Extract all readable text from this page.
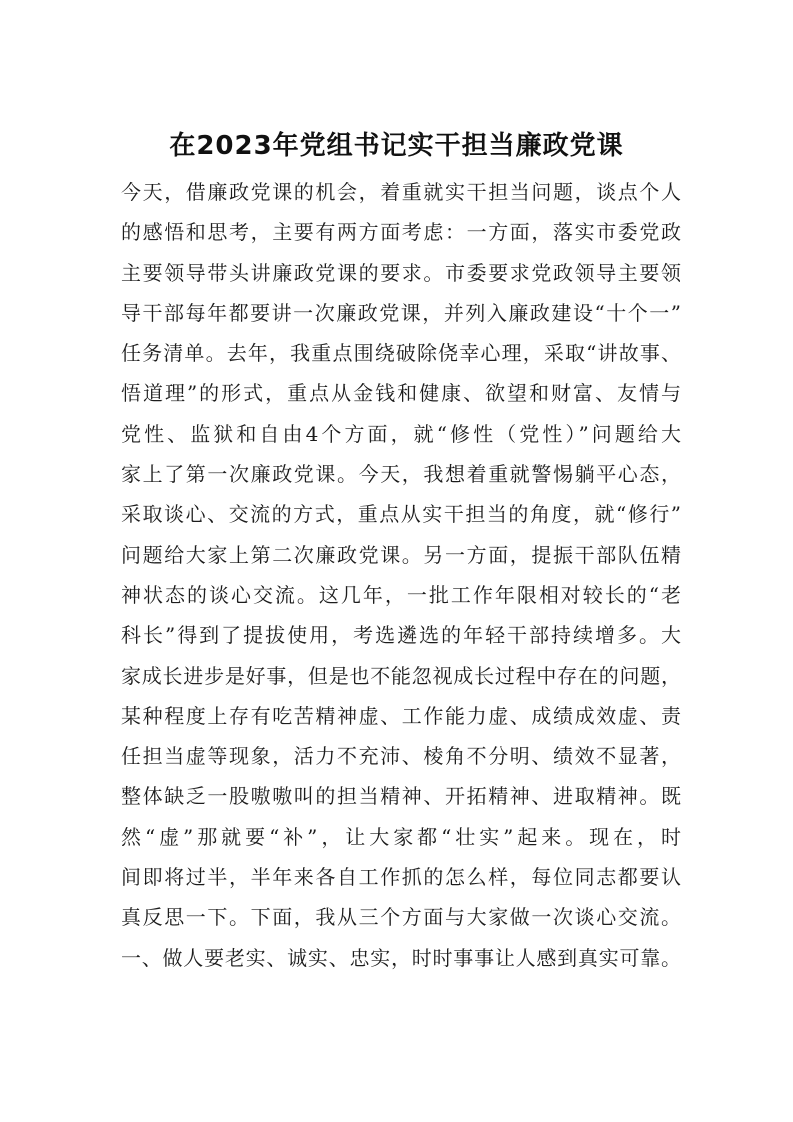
在2023年党组书记实干担当廉政党课
今天，借廉政党课的机会，着重就实干担当问题，谈点个人
的感悟和思考，主要有两方面考虑：一方面，落实市委党政
主要领导带头讲廉政党课的要求。市委要求党政领导主要领
导干部每年都要讲一次廉政党课，并列入廉政建设“十个一”
任务清单。去年，我重点围绕破除侥幸心理，采取“讲故事、
悟道理”的形式，重点从金钱和健康、欲望和财富、友情与
党性、监狱和自由4个方面，就“修性（党性）”问题给大
家上了第一次廉政党课。今天，我想着重就警惕躺平心态，
采取谈心、交流的方式，重点从实干担当的角度，就“修行”
问题给大家上第二次廉政党课。另一方面，提振干部队伍精
神状态的谈心交流。这几年，一批工作年限相对较长的“老
科长”得到了提拔使用，考选遴选的年轻干部持续增多。大
家成长进步是好事，但是也不能忽视成长过程中存在的问题，
某种程度上存有吃苦精神虚、工作能力虚、成绩成效虚、责
任担当虚等现象，活力不充沛、棱角不分明、绩效不显著，
整体缺乏一股嗷嗷叫的担当精神、开拓精神、进取精神。既
然“虚”那就要“补”，让大家都“壮实”起来。现在，时
间即将过半，半年来各自工作抓的怎么样，每位同志都要认
真反思一下。下面，我从三个方面与大家做一次谈心交流。
一、做人要老实、诚实、忠实，时时事事让人感到真实可靠。
